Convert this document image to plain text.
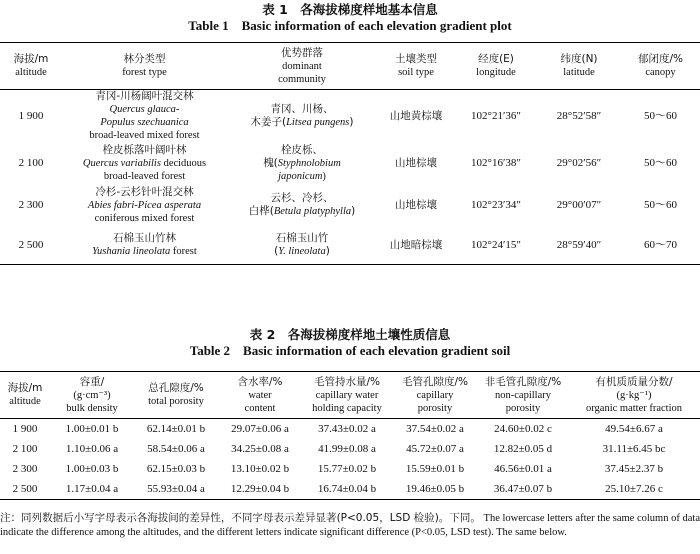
表 1　各海拔梯度样地基本信息
Table 1　Basic information of each elevation gradient plot
海拔/m
altitude	林分类型
forest type	优势群落
dominant
community	土壤类型
soil type	经度(E)
longitude	纬度(N)
latitude	郁闭度/%
canopy

1 900	青冈-川杨阔叶混交林
Quercus glauca-
Populus szechuanica
broad-leaved mixed forest	青冈、川杨、
木姜子(Litsea pungens)	山地黄棕壤	102°21′36″	28°52′58″	50～60
2 100	栓皮栎落叶阔叶林
Quercus variabilis deciduous
broad-leaved forest	栓皮栎、
槐(Styphnolobium
japonicum)	山地棕壤	102°16′38″	29°02′56″	50～60
2 300	冷杉-云杉针叶混交林
Abies fabri-Picea asperata
coniferous mixed forest	云杉、冷杉、
白桦(Betula platyphylla)	山地棕壤	102°23′34″	29°00′07″	50～60
2 500	石棉玉山竹林
Yushania lineolata forest	石棉玉山竹
(Y. lineolata)	山地暗棕壤	102°24′15″	28°59′40″	60～70
表 2　各海拔梯度样地土壤性质信息
Table 2　Basic information of each elevation gradient soil
海拔/m
altitude	容重/
(g·cm⁻³)
bulk density	总孔隙度/%
total porosity	含水率/%
water
content	毛管持水量/%
capillary water
holding capacity	毛管孔隙度/%
capillary
porosity	非毛管孔隙度/%
non-capillary
porosity	有机质质量分数/
(g·kg⁻¹)
organic matter fraction

1 900	1.00±0.01 b	62.14±0.01 b	29.07±0.06 a	37.43±0.02 a	37.54±0.02 a	24.60±0.02 c	49.54±6.67 a
2 100	1.10±0.06 a	58.54±0.06 a	34.25±0.08 a	41.99±0.08 a	45.72±0.07 a	12.82±0.05 d	31.11±6.45 bc
2 300	1.00±0.03 b	62.15±0.03 b	13.10±0.02 b	15.77±0.02 b	15.59±0.01 b	46.56±0.01 a	37.45±2.37 b
2 500	1.17±0.04 a	55.93±0.04 a	12.29±0.04 b	16.74±0.04 b	19.46±0.05 b	36.47±0.07 b	25.10±7.26 c
注：同列数据后小写字母表示各海拔间的差异性，不同字母表示差异显著(P<0.05，LSD 检验)。下同。 The lowercase letters after the same column of data indicate the difference among the altitudes, and the different letters indicate significant difference (P<0.05, LSD test). The same below.
